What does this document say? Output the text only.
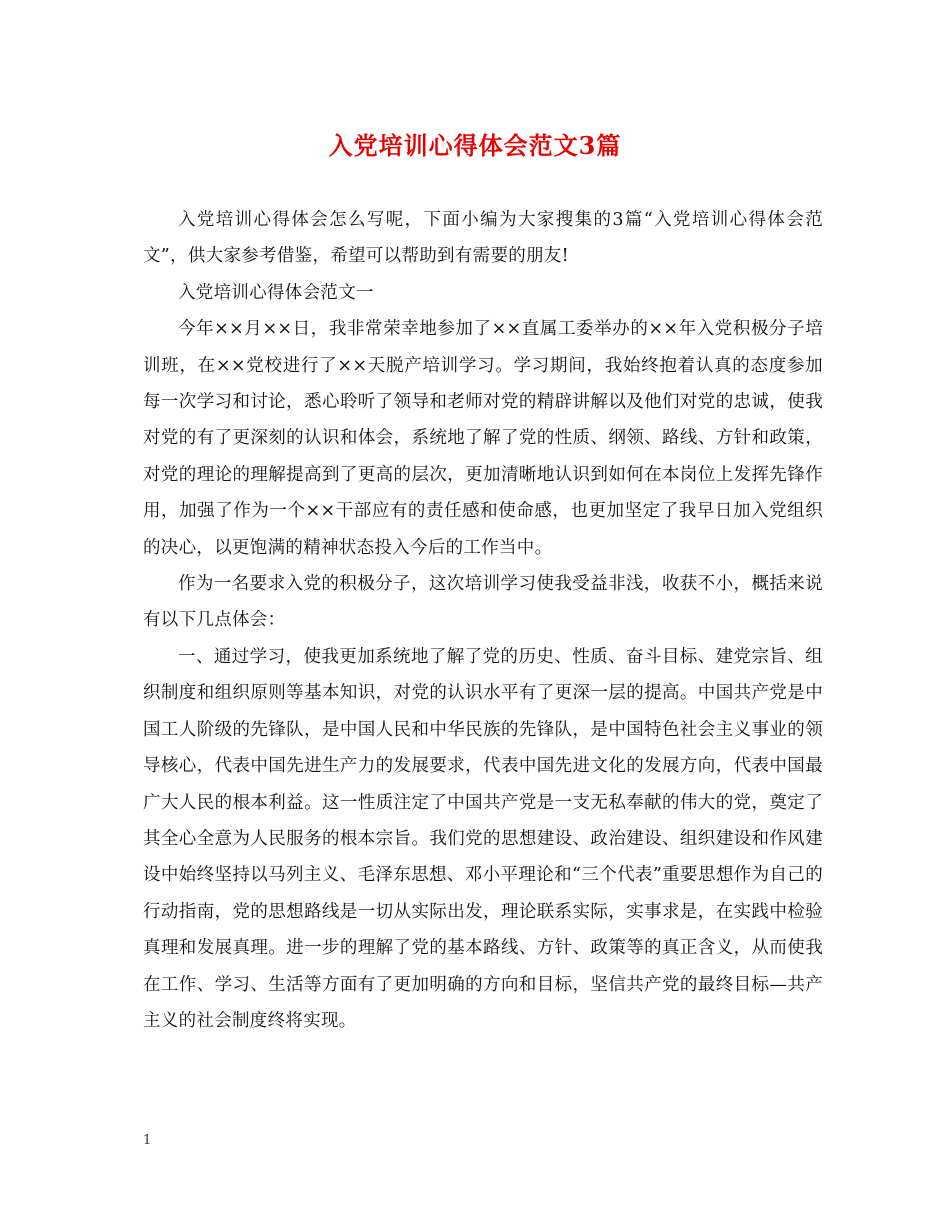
入党培训心得体会范文3篇

入党培训心得体会怎么写呢，下面小编为大家搜集的3篇“入党培训心得体会范文”，供大家参考借鉴，希望可以帮助到有需要的朋友!

入党培训心得体会范文一

今年××月××日，我非常荣幸地参加了××直属工委举办的××年入党积极分子培训班，在××党校进行了××天脱产培训学习。学习期间，我始终抱着认真的态度参加每一次学习和讨论，悉心聆听了领导和老师对党的精辟讲解以及他们对党的忠诚，使我对党的有了更深刻的认识和体会，系统地了解了党的性质、纲领、路线、方针和政策，对党的理论的理解提高到了更高的层次，更加清晰地认识到如何在本岗位上发挥先锋作用，加强了作为一个××干部应有的责任感和使命感，也更加坚定了我早日加入党组织的决心，以更饱满的精神状态投入今后的工作当中。

作为一名要求入党的积极分子，这次培训学习使我受益非浅，收获不小，概括来说有以下几点体会：

一、通过学习，使我更加系统地了解了党的历史、性质、奋斗目标、建党宗旨、组织制度和组织原则等基本知识，对党的认识水平有了更深一层的提高。中国共产党是中国工人阶级的先锋队，是中国人民和中华民族的先锋队，是中国特色社会主义事业的领导核心，代表中国先进生产力的发展要求，代表中国先进文化的发展方向，代表中国最广大人民的根本利益。这一性质注定了中国共产党是一支无私奉献的伟大的党，奠定了其全心全意为人民服务的根本宗旨。我们党的思想建设、政治建设、组织建设和作风建设中始终坚持以马列主义、毛泽东思想、邓小平理论和“三个代表”重要思想作为自己的行动指南，党的思想路线是一切从实际出发，理论联系实际，实事求是，在实践中检验真理和发展真理。进一步的理解了党的基本路线、方针、政策等的真正含义，从而使我在工作、学习、生活等方面有了更加明确的方向和目标，坚信共产党的最终目标—共产主义的社会制度终将实现。

1
